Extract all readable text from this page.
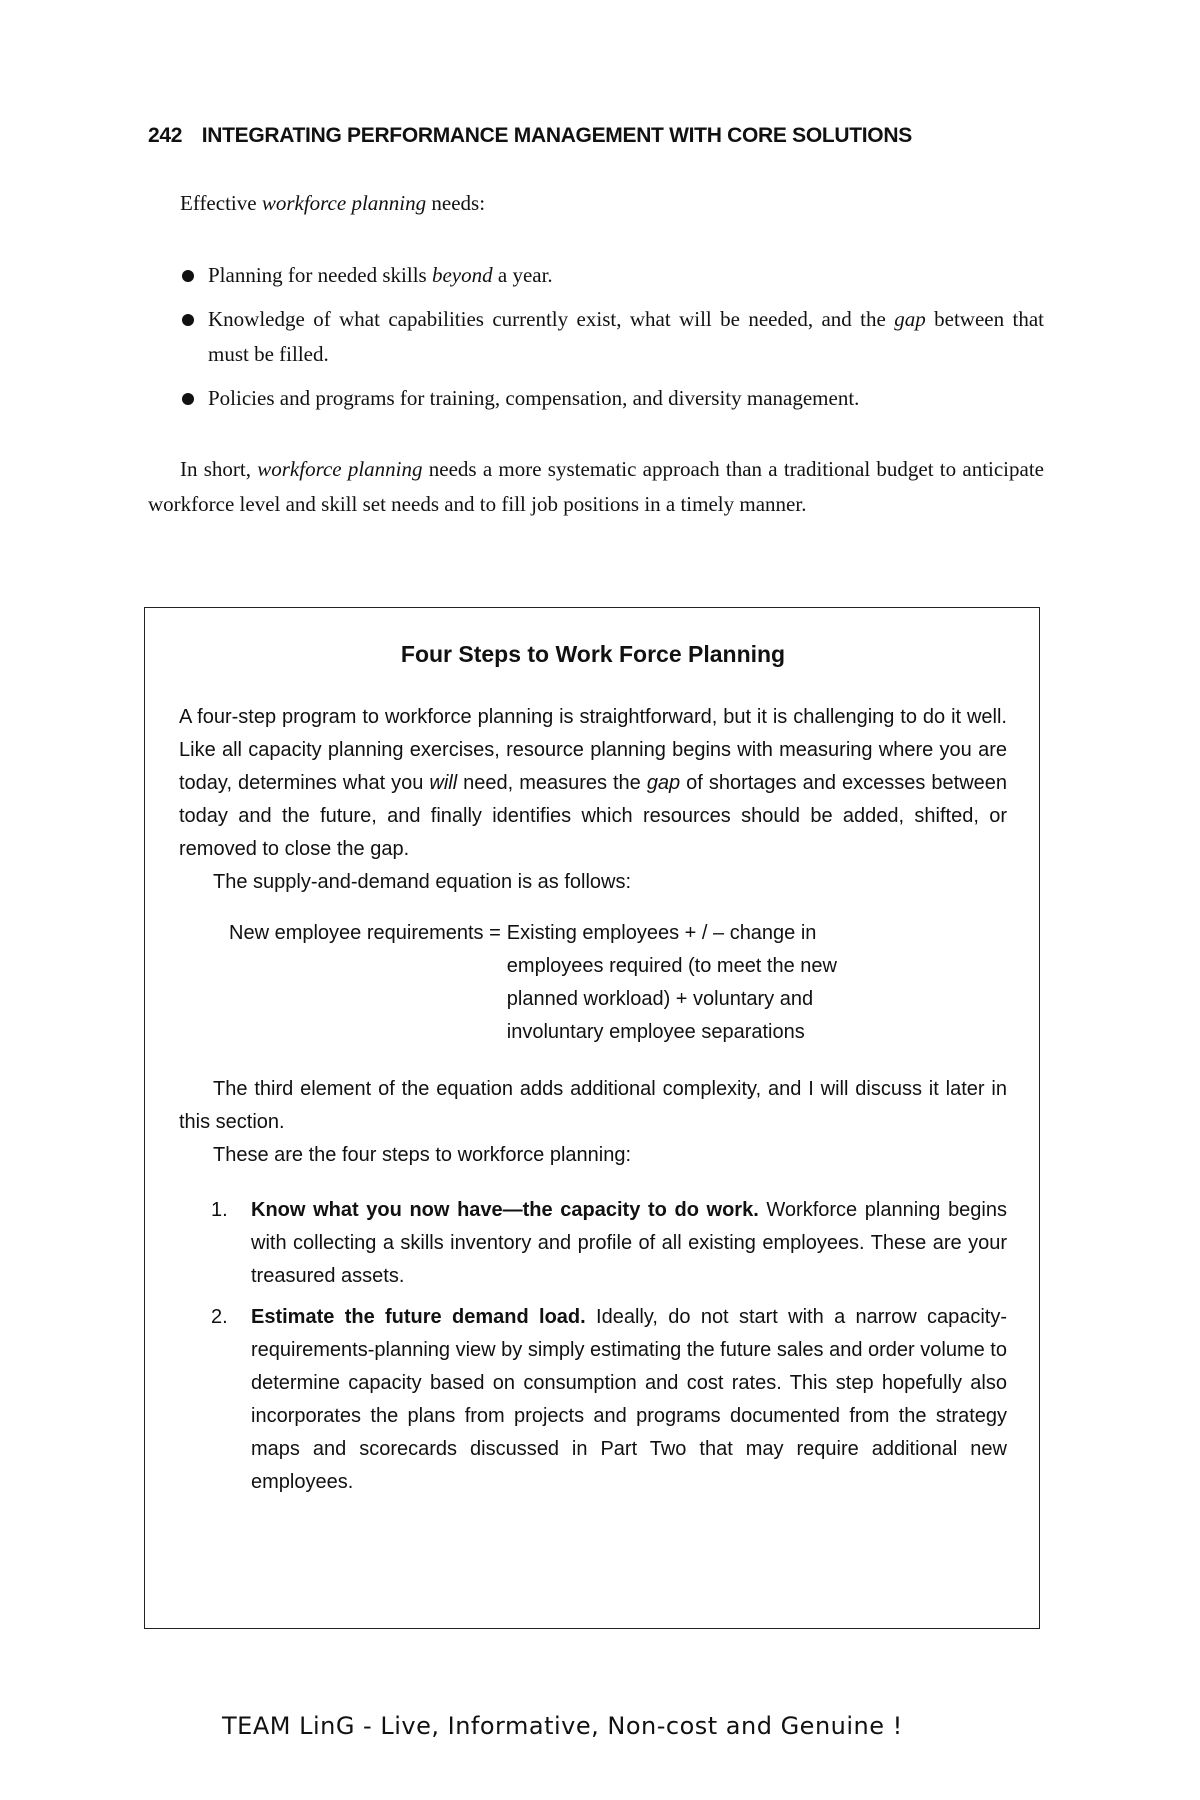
242 INTEGRATING PERFORMANCE MANAGEMENT WITH CORE SOLUTIONS
Effective workforce planning needs:
Planning for needed skills beyond a year.
Knowledge of what capabilities currently exist, what will be needed, and the gap between that must be filled.
Policies and programs for training, compensation, and diversity management.
In short, workforce planning needs a more systematic approach than a traditional budget to anticipate workforce level and skill set needs and to fill job positions in a timely manner.
Four Steps to Work Force Planning

A four-step program to workforce planning is straightforward, but it is challenging to do it well. Like all capacity planning exercises, resource planning begins with measuring where you are today, determines what you will need, measures the gap of shortages and excesses between today and the future, and finally identifies which resources should be added, shifted, or removed to close the gap.

The supply-and-demand equation is as follows:

New employee requirements = Existing employees + / – change in employees required (to meet the new planned workload) + voluntary and involuntary employee separations

The third element of the equation adds additional complexity, and I will discuss it later in this section.

These are the four steps to workforce planning:

1. Know what you now have—the capacity to do work. Workforce planning begins with collecting a skills inventory and profile of all existing employees. These are your treasured assets.
2. Estimate the future demand load. Ideally, do not start with a narrow capacity-requirements-planning view by simply estimating the future sales and order volume to determine capacity based on consumption and cost rates. This step hopefully also incorporates the plans from projects and programs documented from the strategy maps and scorecards discussed in Part Two that may require additional new employees.
TEAM LinG - Live, Informative, Non-cost and Genuine !
